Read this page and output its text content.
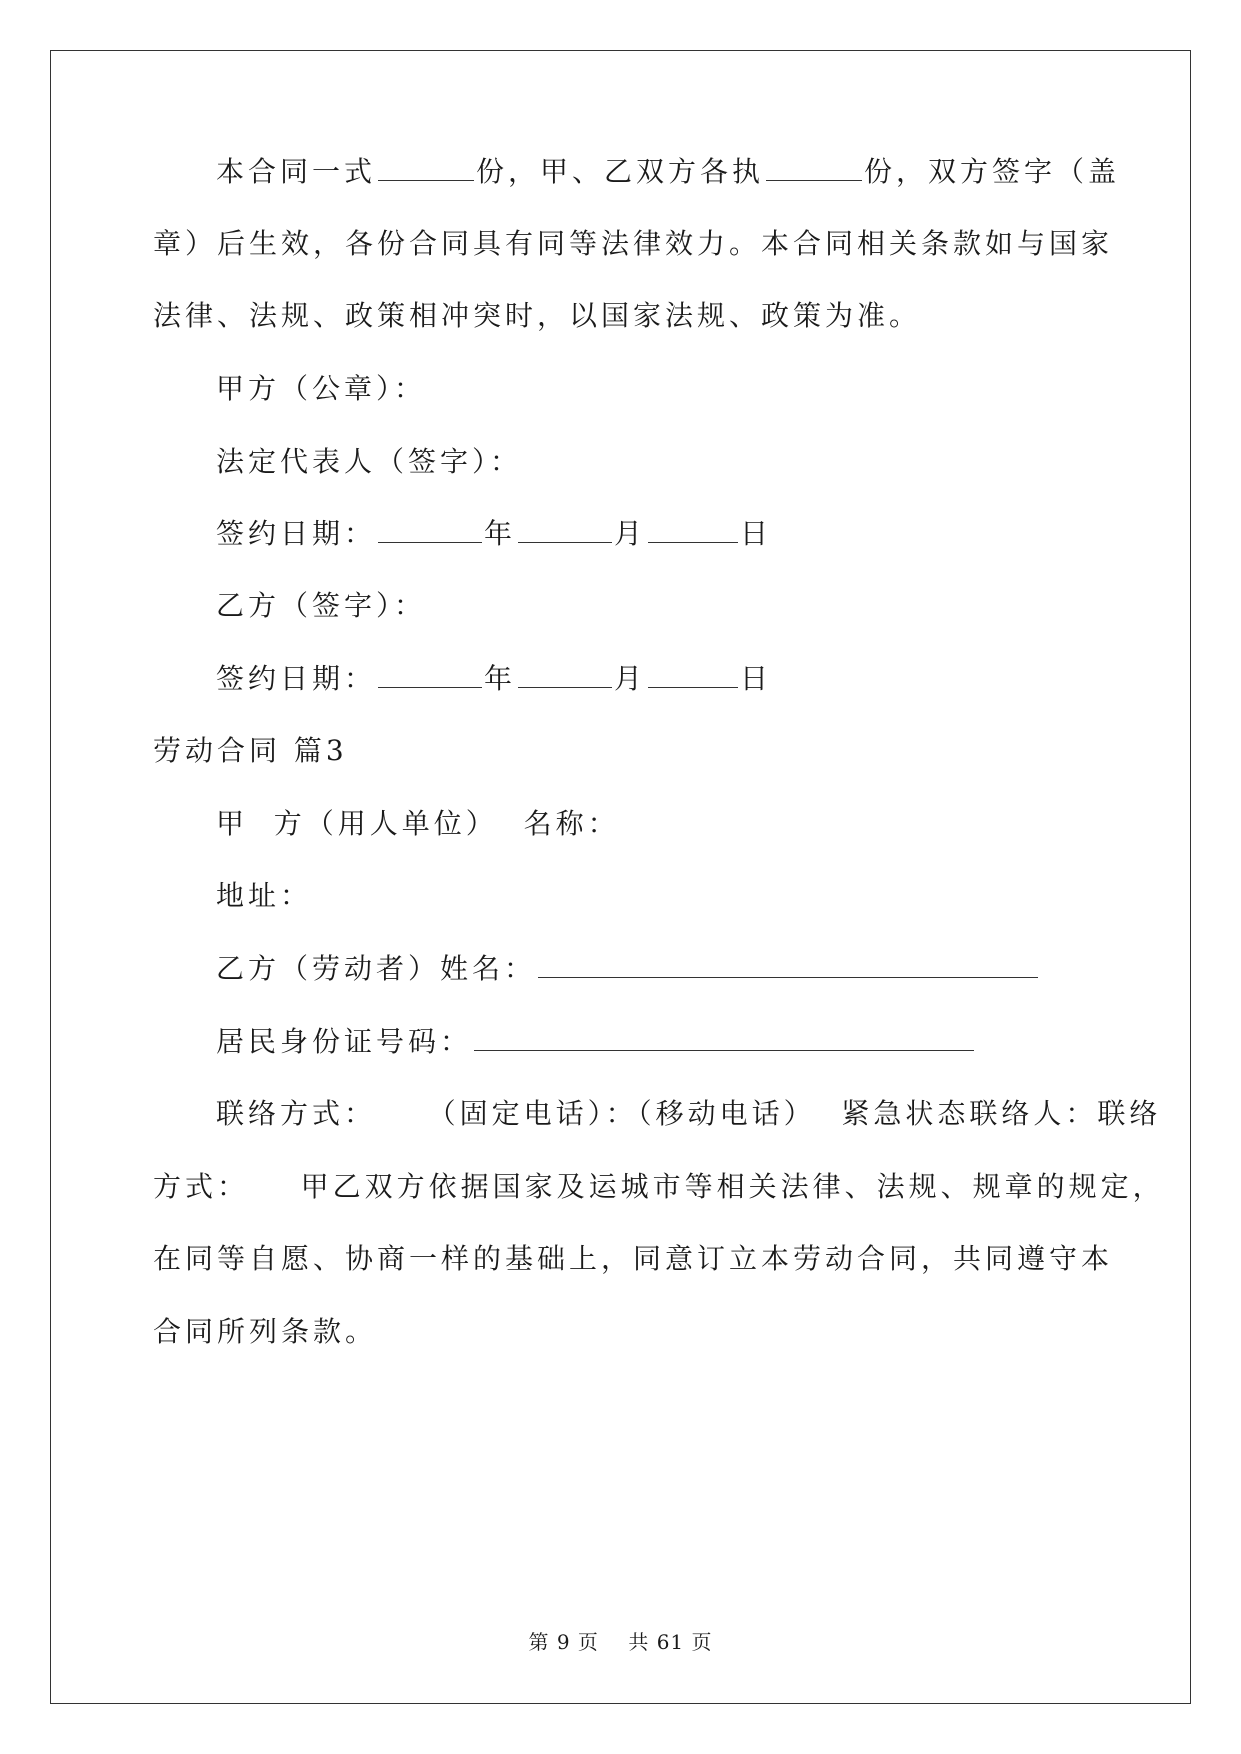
本合同一式	份，甲、乙双方各执	份，双方签字（盖
章）后生效，各份合同具有同等法律效力。本合同相关条款如与国家
法律、法规、政策相冲突时，以国家法规、政策为准。
甲方（公章）：
法定代表人（签字）：
签约日期：	年	月	日
乙方（签字）：
签约日期：	年	月	日
劳动合同 篇3
甲  方（用人单位）  名称：
地址：
乙方（劳动者）姓名：
居民身份证号码：
联络方式：    （固定电话）：（移动电话）  紧急状态联络人：联络
方式：    甲乙双方依据国家及运城市等相关法律、法规、规章的规定，
在同等自愿、协商一样的基础上，同意订立本劳动合同，共同遵守本
合同所列条款。
第 9 页    共 61 页
